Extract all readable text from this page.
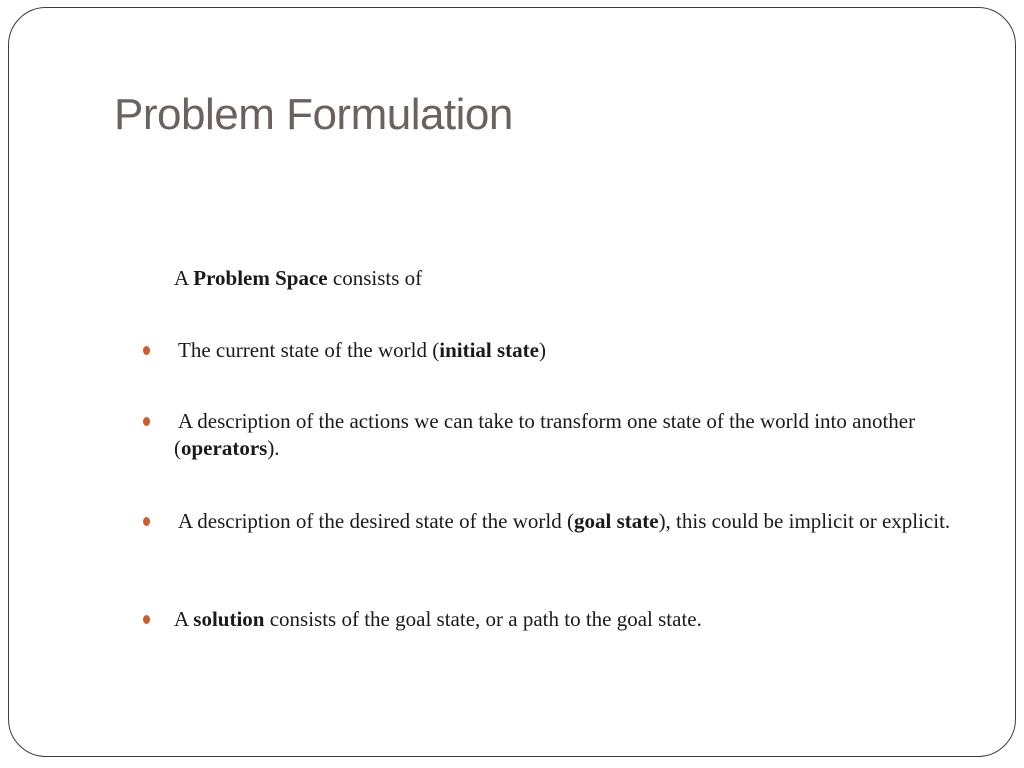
Problem Formulation
A Problem Space consists of
The current state of the world (initial state)
A description of the actions we can take to transform one state of the world into another (operators).
A description of the desired state of the world (goal state), this could be implicit or explicit.
A solution consists of the goal state, or a path to the goal state.
